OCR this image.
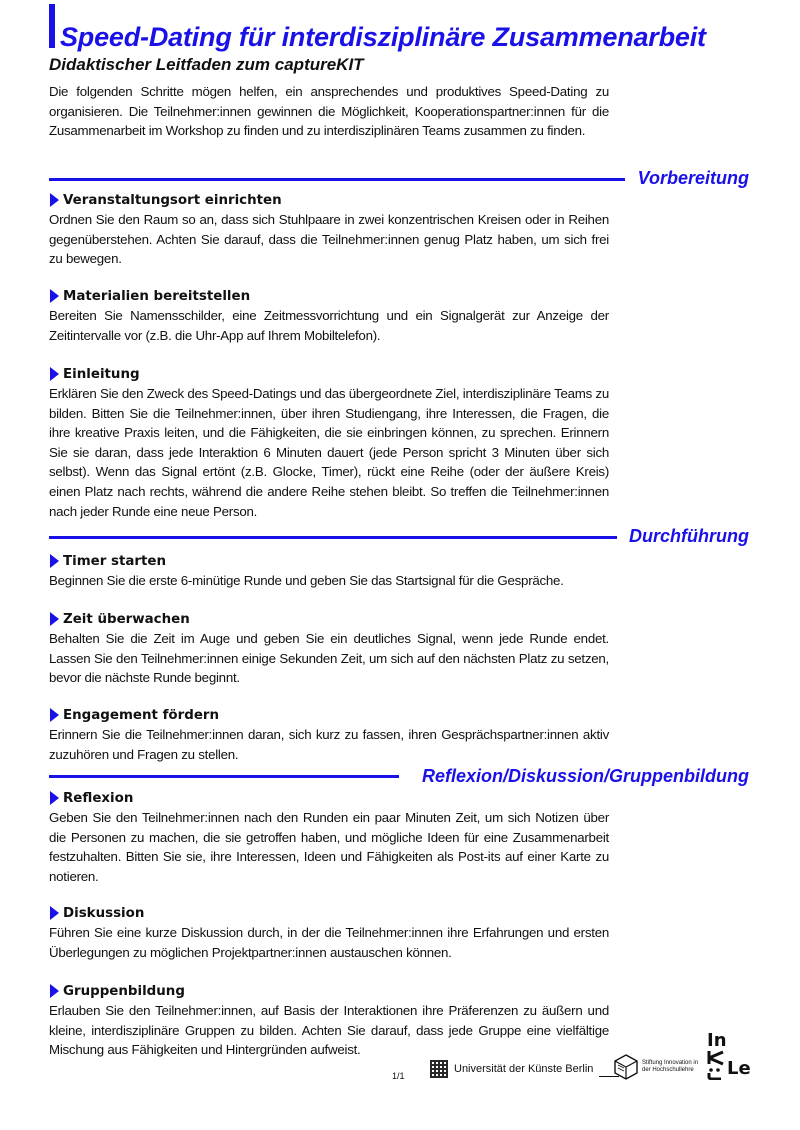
Speed-Dating für interdisziplinäre Zusammenarbeit
Didaktischer Leitfaden zum captureKIT

Die folgenden Schritte mögen helfen, ein ansprechendes und produktives Speed-Dating zu organisieren. Die Teilnehmer:innen gewinnen die Möglichkeit, Kooperationspartner:innen für die Zusammenarbeit im Workshop zu finden und zu interdisziplinären Teams zusammen zu finden.

Vorbereitung
Veranstaltungsort einrichten

Ordnen Sie den Raum so an, dass sich Stuhlpaare in zwei konzentrischen Kreisen oder in Reihen gegenüberstehen. Achten Sie darauf, dass die Teilnehmer:innen genug Platz haben, um sich frei zu bewegen.

Materialien bereitstellen

Bereiten Sie Namensschilder, eine Zeitmessvorrichtung und ein Signalgerät zur Anzeige der Zeitintervalle vor (z.B. die Uhr-App auf Ihrem Mobiltelefon).

Einleitung

Erklären Sie den Zweck des Speed-Datings und das übergeordnete Ziel, interdisziplinäre Teams zu bilden. Bitten Sie die Teilnehmer:innen, über ihren Studiengang, ihre Interessen, die Fragen, die ihre kreative Praxis leiten, und die Fähigkeiten, die sie einbringen können, zu sprechen. Erinnern Sie sie daran, dass jede Interaktion 6 Minuten dauert (jede Person spricht 3 Minuten über sich selbst). Wenn das Signal ertönt (z.B. Glocke, Timer), rückt eine Reihe (oder der äußere Kreis) einen Platz nach rechts, während die andere Reihe stehen bleibt. So treffen die Teilnehmer:innen nach jeder Runde eine neue Person.

Durchführung
Timer starten

Beginnen Sie die erste 6-minütige Runde und geben Sie das Startsignal für die Gespräche.

Zeit überwachen

Behalten Sie die Zeit im Auge und geben Sie ein deutliches Signal, wenn jede Runde endet. Lassen Sie den Teilnehmer:innen einige Sekunden Zeit, um sich auf den nächsten Platz zu setzen, bevor die nächste Runde beginnt.

Engagement fördern

Erinnern Sie die Teilnehmer:innen daran, sich kurz zu fassen, ihren Gesprächspartner:innen aktiv zuzuhören und Fragen zu stellen.

Reflexion/Diskussion/Gruppenbildung
Reflexion

Geben Sie den Teilnehmer:innen nach den Runden ein paar Minuten Zeit, um sich Notizen über die Personen zu machen, die sie getroffen haben, und mögliche Ideen für eine Zusammenarbeit festzuhalten. Bitten Sie sie, ihre Interessen, Ideen und Fähigkeiten als Post-its auf einer Karte zu notieren.

Diskussion

Führen Sie eine kurze Diskussion durch, in der die Teilnehmer:innen ihre Erfahrungen und ersten Überlegungen zu möglichen Projektpartner:innen austauschen können.

Gruppenbildung

Erlauben Sie den Teilnehmer:innen, auf Basis der Interaktionen ihre Präferenzen zu äußern und kleine, interdisziplinäre Gruppen zu bilden. Achten Sie darauf, dass jede Gruppe eine vielfältige Mischung aus Fähigkeiten und Hintergründen aufweist.

1/1
Universität der Künste Berlin	Stiftung Innovation in der Hochschullehre
In
Le
